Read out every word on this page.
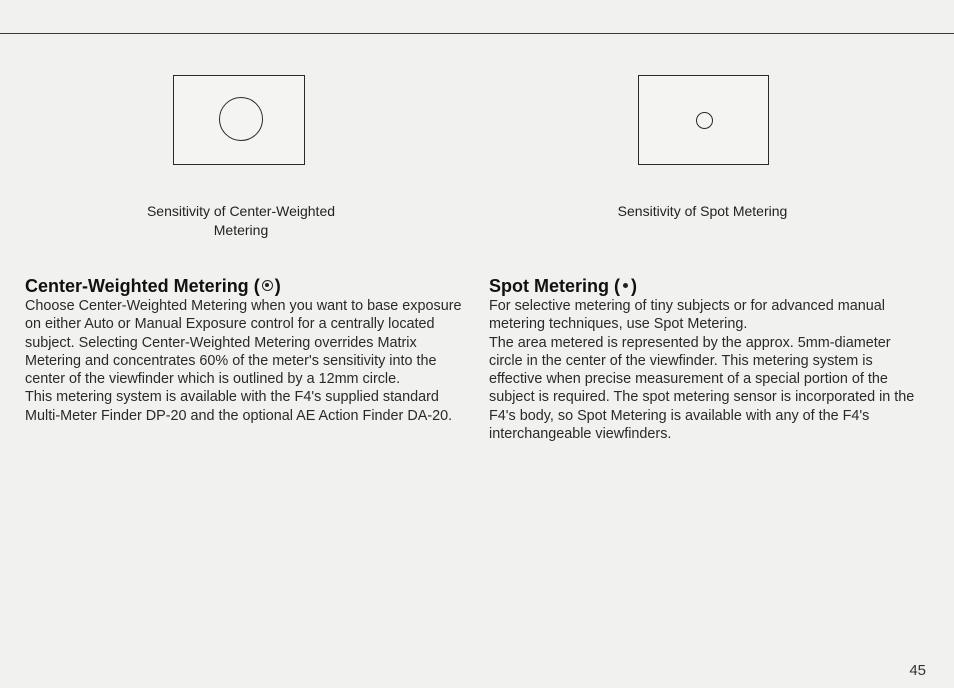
Sensitivity of Center-Weighted Metering
Sensitivity of Spot Metering
Center-Weighted Metering ( )

Choose Center-Weighted Metering when you want to base exposure on either Auto or Manual Exposure control for a centrally located subject. Selecting Center-Weighted Metering overrides Matrix Metering and concentrates 60% of the meter's sensitivity into the center of the viewfinder which is outlined by a 12mm circle.

This metering system is available with the F4's supplied standard Multi-Meter Finder DP-20 and the optional AE Action Finder DA-20.

Spot Metering ( )

For selective metering of tiny subjects or for advanced manual metering techniques, use Spot Metering.

The area metered is represented by the approx. 5mm-diameter circle in the center of the viewfinder. This metering system is effective when precise measurement of a special portion of the subject is required. The spot metering sensor is incorporated in the F4's body, so Spot Metering is available with any of the F4's interchangeable viewfinders.

45
